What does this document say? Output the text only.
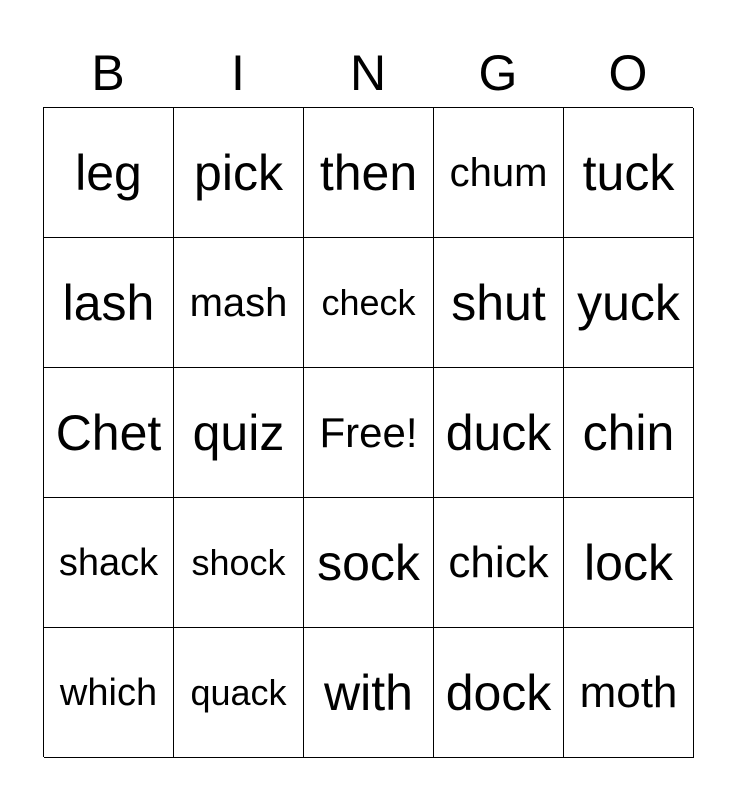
B	I	N	G	O
leg	pick then chum tuck
lash mash check shut yuck
Chet quiz Free! duck chin
shack shock sock chick lock
which quack with dock moth
